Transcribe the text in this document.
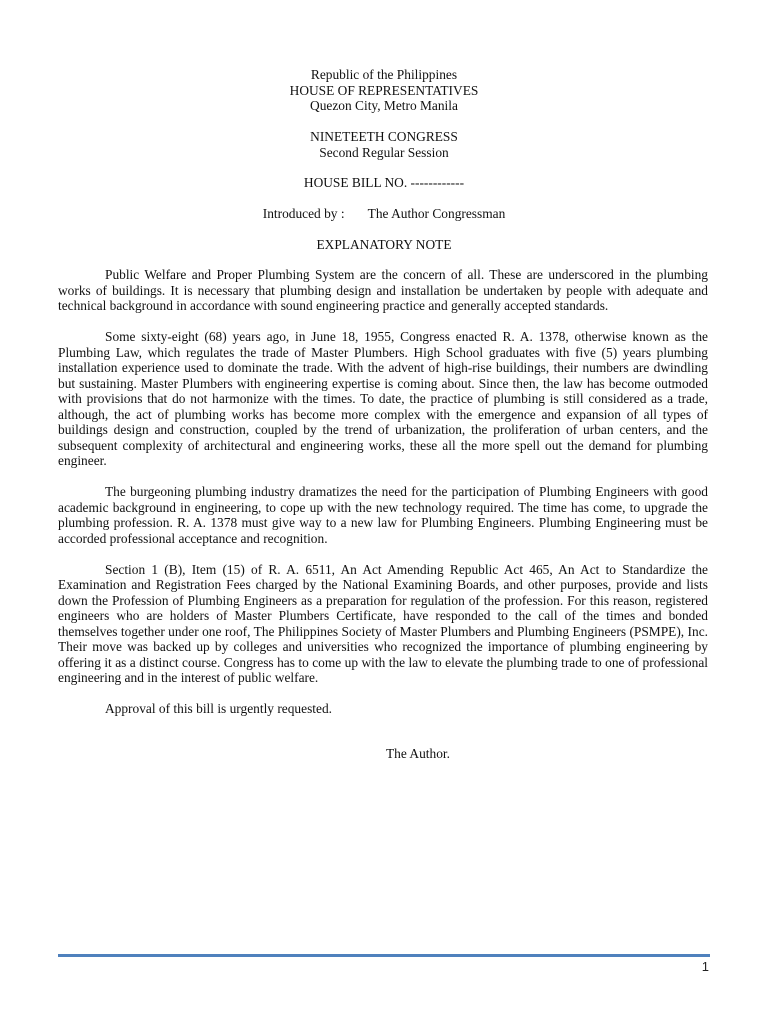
Republic of the Philippines
HOUSE OF REPRESENTATIVES
Quezon City, Metro Manila
NINETEETH CONGRESS
Second Regular Session
HOUSE BILL NO. ------------
Introduced by : The Author Congressman
EXPLANATORY NOTE

Public Welfare and Proper Plumbing System are the concern of all. These are underscored in the plumbing works of buildings. It is necessary that plumbing design and installation be undertaken by people with adequate and technical background in accordance with sound engineering practice and generally accepted standards.

Some sixty-eight (68) years ago, in June 18, 1955, Congress enacted R. A. 1378, otherwise known as the Plumbing Law, which regulates the trade of Master Plumbers. High School graduates with five (5) years plumbing installation experience used to dominate the trade. With the advent of high-rise buildings, their numbers are dwindling but sustaining. Master Plumbers with engineering expertise is coming about. Since then, the law has become outmoded with provisions that do not harmonize with the times. To date, the practice of plumbing is still considered as a trade, although, the act of plumbing works has become more complex with the emergence and expansion of all types of buildings design and construction, coupled by the trend of urbanization, the proliferation of urban centers, and the subsequent complexity of architectural and engineering works, these all the more spell out the demand for plumbing engineer.

The burgeoning plumbing industry dramatizes the need for the participation of Plumbing Engineers with good academic background in engineering, to cope up with the new technology required. The time has come, to upgrade the plumbing profession. R. A. 1378 must give way to a new law for Plumbing Engineers. Plumbing Engineering must be accorded professional acceptance and recognition.

Section 1 (B), Item (15) of R. A. 6511, An Act Amending Republic Act 465, An Act to Standardize the Examination and Registration Fees charged by the National Examining Boards, and other purposes, provide and lists down the Profession of Plumbing Engineers as a preparation for regulation of the profession. For this reason, registered engineers who are holders of Master Plumbers Certificate, have responded to the call of the times and bonded themselves together under one roof, The Philippines Society of Master Plumbers and Plumbing Engineers (PSMPE), Inc. Their move was backed up by colleges and universities who recognized the importance of plumbing engineering by offering it as a distinct course. Congress has to come up with the law to elevate the plumbing trade to one of professional engineering and in the interest of public welfare.

Approval of this bill is urgently requested.

The Author.
1
